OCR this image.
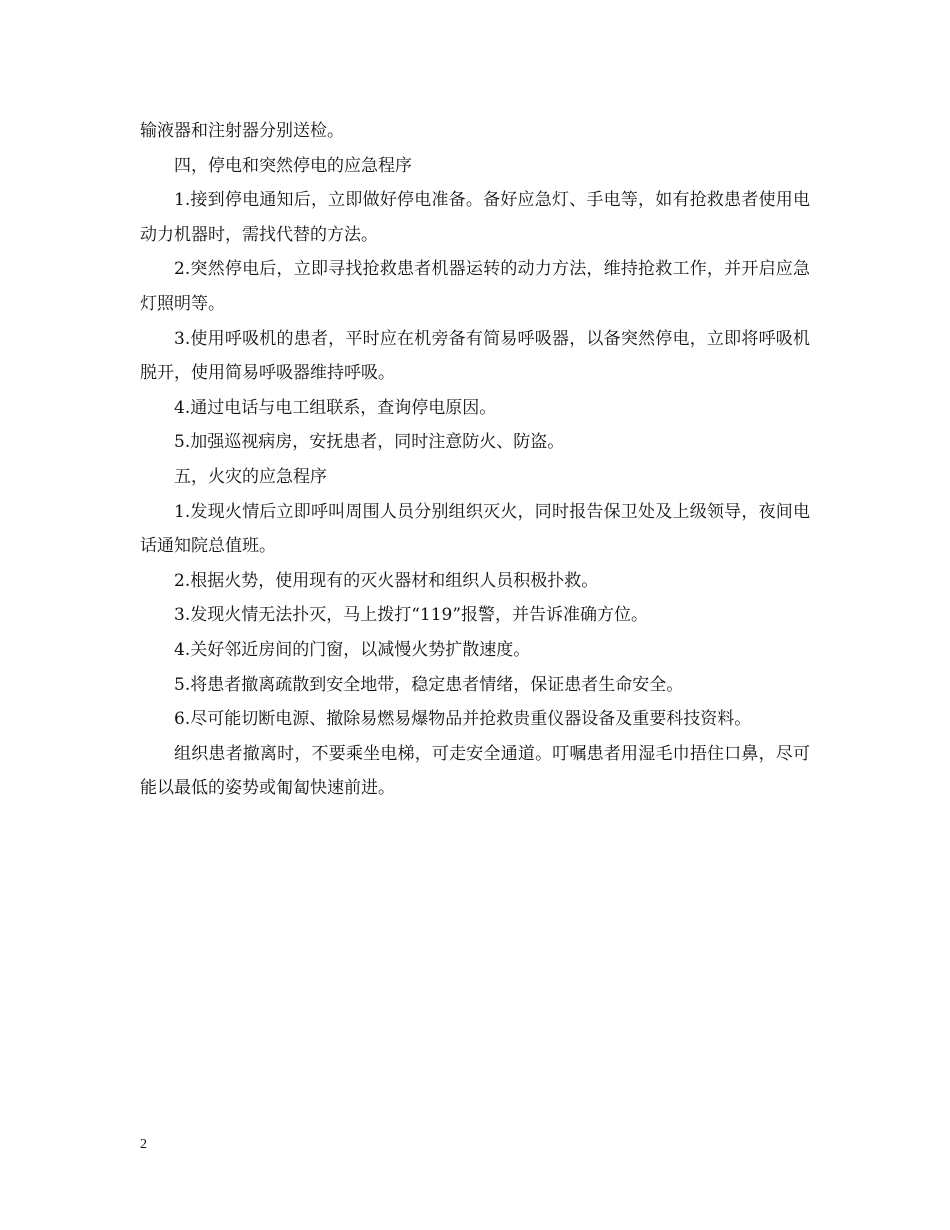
输液器和注射器分别送检。

四，停电和突然停电的应急程序

1.接到停电通知后，立即做好停电准备。备好应急灯、手电等，如有抢救患者使用电动力机器时，需找代替的方法。

2.突然停电后，立即寻找抢救患者机器运转的动力方法，维持抢救工作，并开启应急灯照明等。

3.使用呼吸机的患者，平时应在机旁备有简易呼吸器，以备突然停电，立即将呼吸机脱开，使用简易呼吸器维持呼吸。

4.通过电话与电工组联系，查询停电原因。

5.加强巡视病房，安抚患者，同时注意防火、防盗。

五，火灾的应急程序

1.发现火情后立即呼叫周围人员分别组织灭火，同时报告保卫处及上级领导，夜间电话通知院总值班。

2.根据火势，使用现有的灭火器材和组织人员积极扑救。

3.发现火情无法扑灭，马上拨打“119”报警，并告诉准确方位。

4.关好邻近房间的门窗，以减慢火势扩散速度。

5.将患者撤离疏散到安全地带，稳定患者情绪，保证患者生命安全。

6.尽可能切断电源、撤除易燃易爆物品并抢救贵重仪器设备及重要科技资料。

组织患者撤离时，不要乘坐电梯，可走安全通道。叮嘱患者用湿毛巾捂住口鼻，尽可能以最低的姿势或匍匐快速前进。

2
